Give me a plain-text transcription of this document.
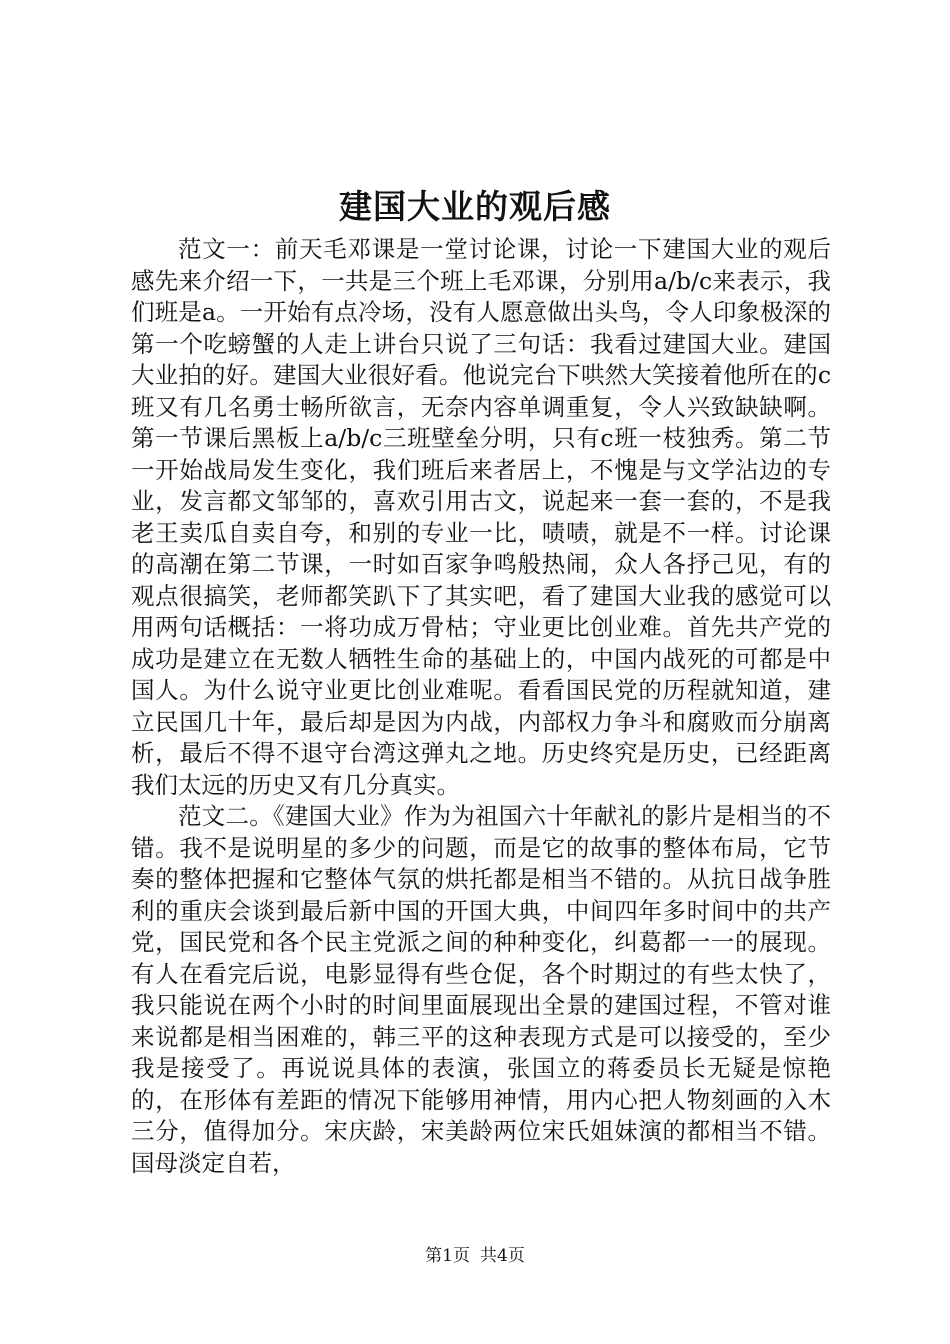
建国大业的观后感

范文一：前天毛邓课是一堂讨论课，讨论一下建国大业的观后感先来介绍一下，一共是三个班上毛邓课，分别用a/b/c来表示，我们班是a。一开始有点冷场，没有人愿意做出头鸟，令人印象极深的第一个吃螃蟹的人走上讲台只说了三句话：我看过建国大业。建国大业拍的好。建国大业很好看。他说完台下哄然大笑接着他所在的c班又有几名勇士畅所欲言，无奈内容单调重复，令人兴致缺缺啊。第一节课后黑板上a/b/c三班壁垒分明，只有c班一枝独秀。第二节一开始战局发生变化，我们班后来者居上，不愧是与文学沾边的专业，发言都文邹邹的，喜欢引用古文，说起来一套一套的，不是我老王卖瓜自卖自夸，和别的专业一比，啧啧，就是不一样。讨论课的高潮在第二节课，一时如百家争鸣般热闹，众人各抒己见，有的观点很搞笑，老师都笑趴下了其实吧，看了建国大业我的感觉可以用两句话概括：一将功成万骨枯；守业更比创业难。首先共产党的成功是建立在无数人牺牲生命的基础上的，中国内战死的可都是中国人。为什么说守业更比创业难呢。看看国民党的历程就知道，建立民国几十年，最后却是因为内战，内部权力争斗和腐败而分崩离析，最后不得不退守台湾这弹丸之地。历史终究是历史，已经距离我们太远的历史又有几分真实。

范文二。《建国大业》作为为祖国六十年献礼的影片是相当的不错。我不是说明星的多少的问题，而是它的故事的整体布局，它节奏的整体把握和它整体气氛的烘托都是相当不错的。从抗日战争胜利的重庆会谈到最后新中国的开国大典，中间四年多时间中的共产党，国民党和各个民主党派之间的种种变化，纠葛都一一的展现。有人在看完后说，电影显得有些仓促，各个时期过的有些太快了，我只能说在两个小时的时间里面展现出全景的建国过程，不管对谁来说都是相当困难的，韩三平的这种表现方式是可以接受的，至少我是接受了。再说说具体的表演，张国立的蒋委员长无疑是惊艳的，在形体有差距的情况下能够用神情，用内心把人物刻画的入木三分，值得加分。宋庆龄，宋美龄两位宋氏姐妹演的都相当不错。国母淡定自若，

第1页 共4页
